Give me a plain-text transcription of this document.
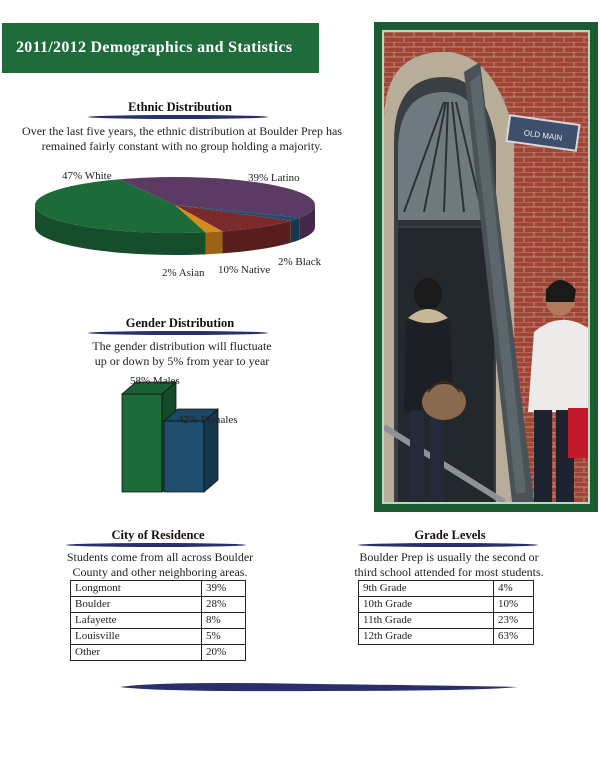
2011/2012 Demographics and Statistics
Ethnic Distribution
Over the last five years, the ethnic distribution at Boulder Prep has remained fairly constant with no group holding a majority.
47% White	39% Latino
2% Black
10% Native
2% Asian
Gender Distribution
The gender distribution will fluctuate
up or down by 5% from year to year
58% Males
42% Females
OLD MAIN
City of Residence
Students come from all across Boulder
County and other neighboring areas.
Longmont	39%
Boulder	28%
Lafayette	8%
Louisville	5%
Other	20%
Grade Levels
Boulder Prep is usually the second or
third school attended for most students.
9th Grade	4%
10th Grade	10%
11th Grade	23%
12th Grade	63%
